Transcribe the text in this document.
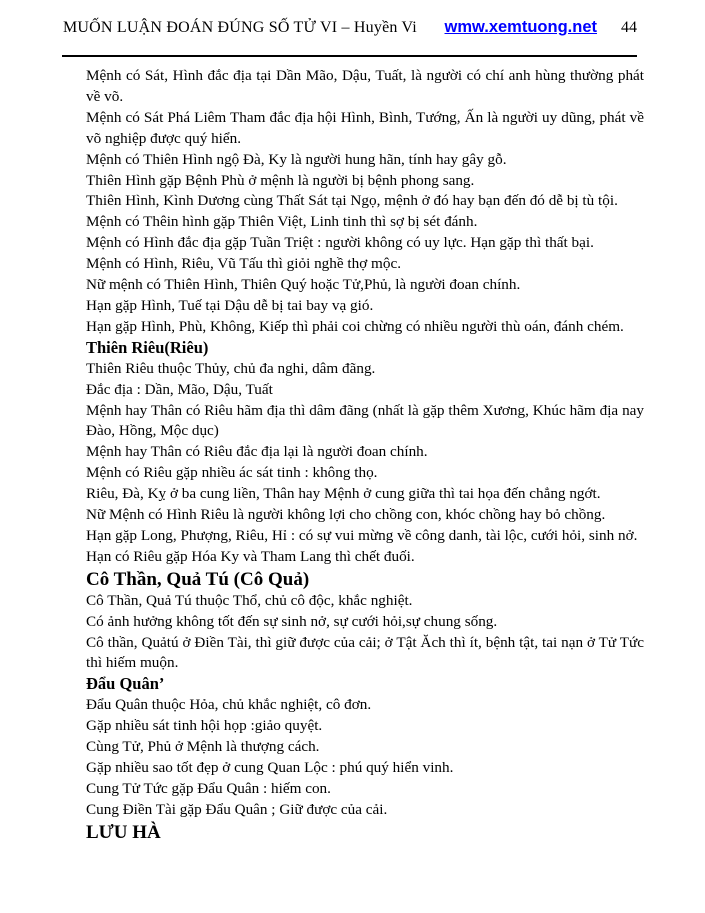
MUỐN LUẬN ĐOÁN ĐÚNG SỐ TỬ VI – Huyền Vi	wmw.xemtuong.net 44

Mệnh có Sát, Hình đắc địa tại Dần Mão, Dậu, Tuất, là người có chí anh hùng thường phát về võ.

Mệnh có Sát Phá Liêm Tham đắc địa hội Hình, Bình, Tướng, Ấn là người uy dũng, phát về võ nghiệp được quý hiển.

Mệnh có Thiên Hình ngộ Đà, Ky là người hung hãn, tính hay gây gỗ.

Thiên Hình gặp Bệnh Phù ở mệnh là người bị bệnh phong sang.

Thiên Hình, Kình Dương cùng Thất Sát tại Ngọ, mệnh ở đó hay bạn đến đó dễ bị tù tội.

Mệnh có Thêin hình gặp Thiên Việt, Linh tinh thì sợ bị sét đánh.

Mệnh có Hình đắc địa gặp Tuần Triệt : người không có uy lực. Hạn gặp thì thất bại.

Mệnh có Hình, Riêu, Vũ Tấu thì giỏi nghề thợ mộc.

Nữ mệnh có Thiên Hình, Thiên Quý hoặc Tử,Phủ, là người đoan chính.

Hạn gặp Hình, Tuế tại Dậu dễ bị tai bay vạ gió.

Hạn gặp Hình, Phù, Không, Kiếp thì phải coi chừng có nhiều người thù oán, đánh chém.

Thiên Riêu(Riêu)

Thiên Riêu thuộc Thủy, chủ đa nghi, dâm đãng.

Đắc địa : Dần, Mão, Dậu, Tuất

Mệnh hay Thân có Riêu hãm địa thì dâm đãng (nhất là gặp thêm Xương, Khúc hãm địa nay Đào, Hồng, Mộc dục)

Mệnh hay Thân có Riêu đắc địa lại là người đoan chính.

Mệnh có Riêu gặp nhiều ác sát tinh : không thọ.

Riêu, Đà, Kỵ ở ba cung liền, Thân hay Mệnh ở cung giữa thì tai họa đến chẳng ngớt.

Nữ Mệnh có Hình Riêu là người không lợi cho chồng con, khóc chồng hay bỏ chồng.

Hạn gặp Long, Phượng, Riêu, Hỉ : có sự vui mừng về công danh, tài lộc, cưới hỏi, sinh nở.

Hạn có Riêu gặp Hóa Ky và Tham Lang thì chết đuối.

Cô Thần, Quả Tú (Cô Quả)

Cô Thần, Quả Tú thuộc Thổ, chủ cô độc, khắc nghiệt.

Có ảnh hưởng không tốt đến sự sinh nở, sự cưới hỏi,sự chung sống.

Cô thần, Quảtú ở Điền Tài, thì giữ được của cải; ở Tật Ăch thì ít, bệnh tật, tai nạn ở Tử Tức thì hiếm muộn.

Đẩu Quân’

Đẩu Quân thuộc Hỏa, chủ khắc nghiệt, cô đơn.

Gặp nhiều sát tinh hội họp :giảo quyệt.

Cùng Tử, Phủ ở Mệnh là thượng cách.

Gặp nhiều sao tốt đẹp ở cung Quan Lộc : phú quý hiển vinh.

Cung Tử Tức gặp Đẩu Quân : hiếm con.

Cung Điền Tài gặp Đẩu Quân ; Giữ được của cải.

LƯU HÀ
